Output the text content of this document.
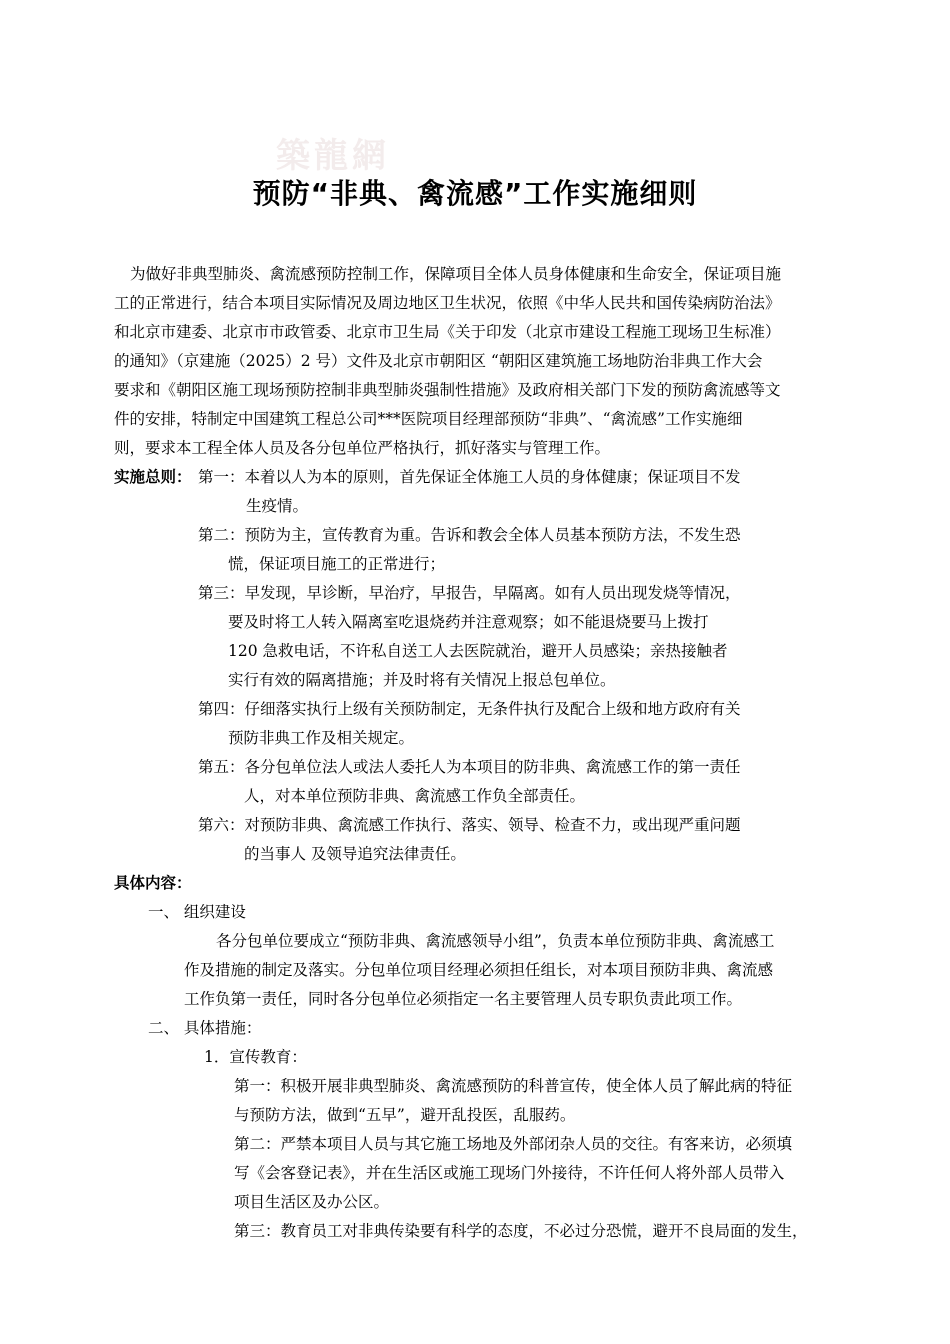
築龍網
预防“非典、禽流感”工作实施细则
为做好非典型肺炎、禽流感预防控制工作，保障项目全体人员身体健康和生命安全，保证项目施
工的正常进行，结合本项目实际情况及周边地区卫生状况，依照《中华人民共和国传染病防治法》
和北京市建委、北京市市政管委、北京市卫生局《关于印发（北京市建设工程施工现场卫生标准）
的通知》（京建施（2025）2 号）文件及北京市朝阳区 “朝阳区建筑施工场地防治非典工作大会
要求和《朝阳区施工现场预防控制非典型肺炎强制性措施》及政府相关部门下发的预防禽流感等文
件的安排，特制定中国建筑工程总公司***医院项目经理部预防“非典”、“禽流感”工作实施细
则，要求本工程全体人员及各分包单位严格执行，抓好落实与管理工作。
实施总则： 第一：本着以人为本的原则，首先保证全体施工人员的身体健康；保证项目不发
生疫情。
第二：预防为主，宣传教育为重。告诉和教会全体人员基本预防方法，不发生恐
慌，保证项目施工的正常进行；
第三：早发现，早诊断，早治疗，早报告，早隔离。如有人员出现发烧等情况，
要及时将工人转入隔离室吃退烧药并注意观察；如不能退烧要马上拨打
120 急救电话，不许私自送工人去医院就治，避开人员感染；亲热接触者
实行有效的隔离措施；并及时将有关情况上报总包单位。
第四：仔细落实执行上级有关预防制定，无条件执行及配合上级和地方政府有关
预防非典工作及相关规定。
第五：各分包单位法人或法人委托人为本项目的防非典、禽流感工作的第一责任
人，对本单位预防非典、禽流感工作负全部责任。
第六：对预防非典、禽流感工作执行、落实、领导、检查不力，或出现严重问题
的当事人 及领导追究法律责任。
具体内容：
一、 组织建设
各分包单位要成立“预防非典、禽流感领导小组”，负责本单位预防非典、禽流感工
作及措施的制定及落实。分包单位项目经理必须担任组长，对本项目预防非典、禽流感
工作负第一责任，同时各分包单位必须指定一名主要管理人员专职负责此项工作。
二、 具体措施：
1．宣传教育：
第一：积极开展非典型肺炎、禽流感预防的科普宣传，使全体人员了解此病的特征
与预防方法，做到“五早”，避开乱投医，乱服药。
第二：严禁本项目人员与其它施工场地及外部闭杂人员的交往。有客来访，必须填
写《会客登记表》，并在生活区或施工现场门外接待，不许任何人将外部人员带入
项目生活区及办公区。
第三：教育员工对非典传染要有科学的态度，不必过分恐慌，避开不良局面的发生，
